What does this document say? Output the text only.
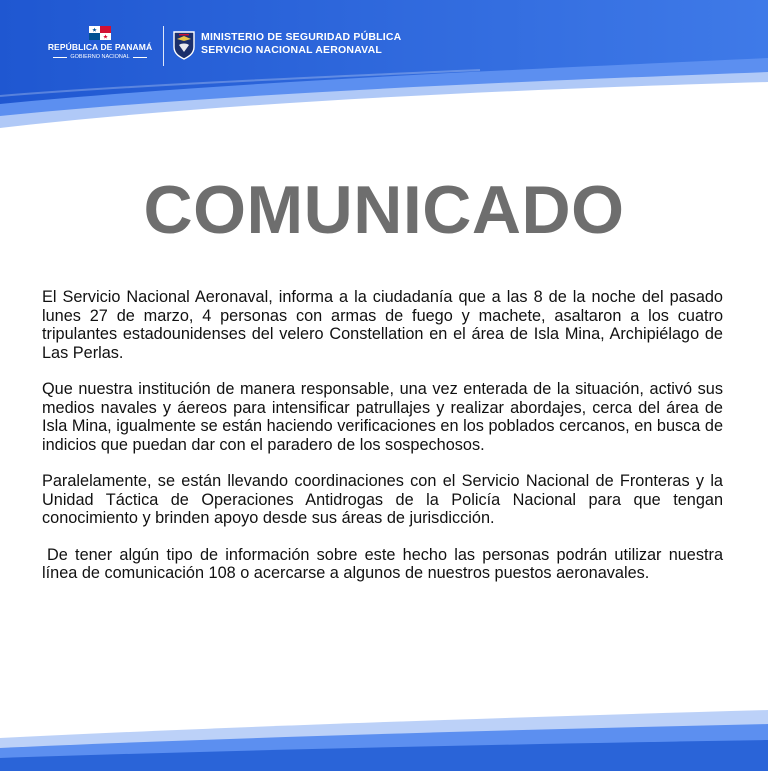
REPÚBLICA DE PANAMÁ
GOBIERNO NACIONAL
MINISTERIO DE SEGURIDAD PÚBLICA
SERVICIO NACIONAL AERONAVAL
COMUNICADO

El Servicio Nacional Aeronaval, informa a la ciudadanía que a las 8 de la noche del pasado lunes 27 de marzo, 4 personas con armas de fuego y machete, asaltaron a los cuatro tripulantes estadounidenses del velero Constellation en el área de Isla Mina, Archipiélago de Las Perlas.

Que nuestra institución de manera responsable, una vez enterada de la situación, activó sus medios navales y áereos para intensificar patrullajes y realizar abordajes, cerca del área de Isla Mina, igualmente se están haciendo verificaciones en los poblados cercanos, en busca de indicios que puedan dar con el paradero de los sospechosos.

Paralelamente, se están llevando coordinaciones con el Servicio Nacional de Fronteras y la Unidad Táctica de Operaciones Antidrogas de la Policía Nacional para que tengan conocimiento y brinden apoyo desde sus áreas de jurisdicción.

De tener algún tipo de información sobre este hecho las personas podrán utilizar nuestra línea de comunicación 108 o acercarse a algunos de nuestros puestos aeronavales.
